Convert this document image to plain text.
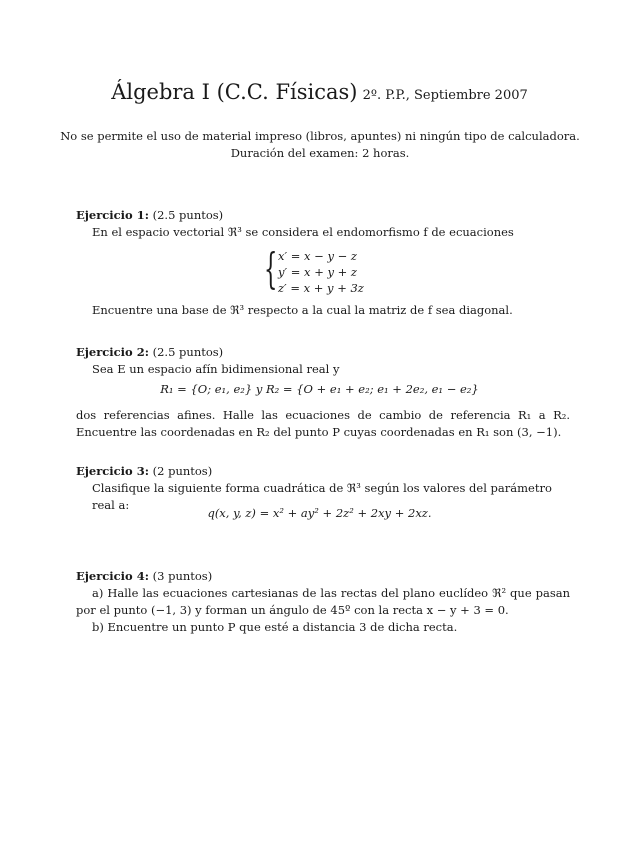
Álgebra I (C.C. Físicas) 2º. P.P., Septiembre 2007
No se permite el uso de material impreso (libros, apuntes) ni ningún tipo de calculadora.
Duración del examen: 2 horas.
Ejercicio 1: (2.5 puntos)
En el espacio vectorial ℜ³ se considera el endomorfismo f de ecuaciones
{ x′ = x − y − z
y′ = x + y + z
z′ = x + y + 3z
Encuentre una base de ℜ³ respecto a la cual la matriz de f sea diagonal.
Ejercicio 2: (2.5 puntos)
Sea E un espacio afín bidimensional real y
R₁ = {O; e₁, e₂} y R₂ = {O + e₁ + e₂; e₁ + 2e₂, e₁ − e₂}
dos referencias afines. Halle las ecuaciones de cambio de referencia R₁ a R₂. Encuentre las coordenadas en R₂ del punto P cuyas coordenadas en R₁ son (3, −1).
Ejercicio 3: (2 puntos)
Clasifique la siguiente forma cuadrática de ℜ³ según los valores del parámetro real a:
q(x, y, z) = x² + ay² + 2z² + 2xy + 2xz.
Ejercicio 4: (3 puntos)
a) Halle las ecuaciones cartesianas de las rectas del plano euclídeo ℜ² que pasan por el punto (−1, 3) y forman un ángulo de 45º con la recta x − y + 3 = 0.
b) Encuentre un punto P que esté a distancia 3 de dicha recta.
